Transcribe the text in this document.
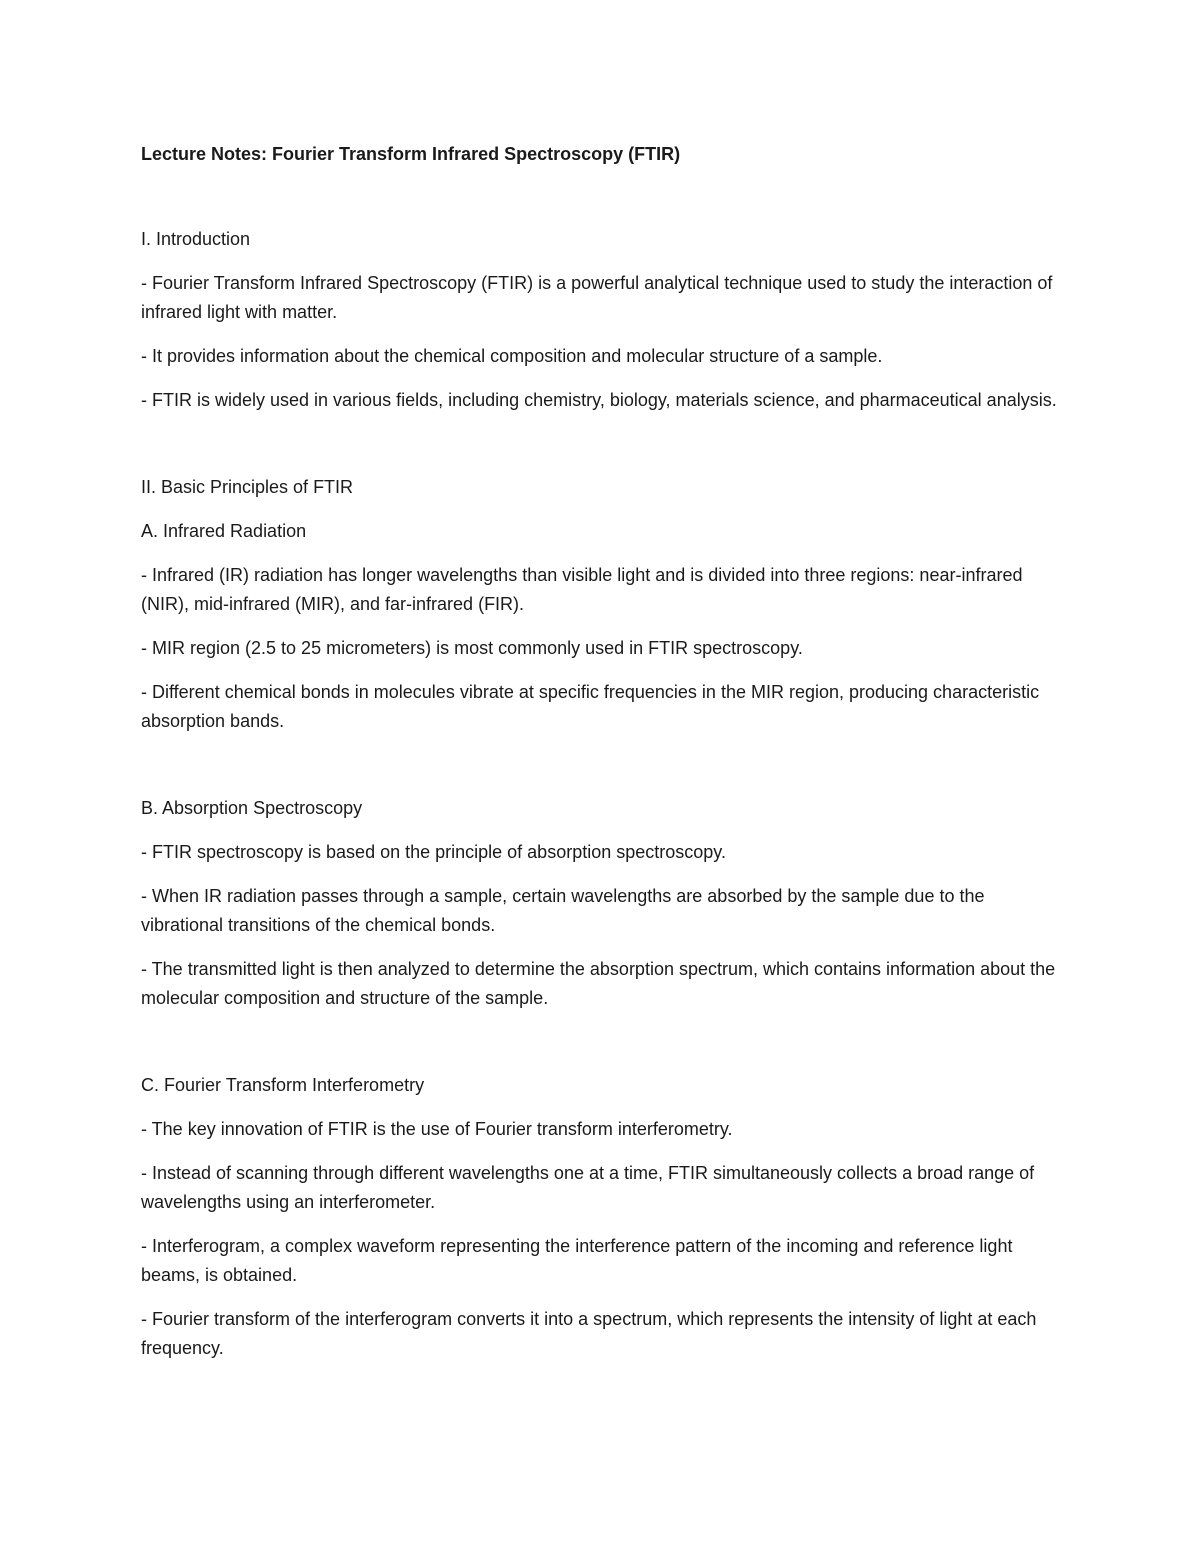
Lecture Notes: Fourier Transform Infrared Spectroscopy (FTIR)
I. Introduction
- Fourier Transform Infrared Spectroscopy (FTIR) is a powerful analytical technique used to study the interaction of infrared light with matter.
- It provides information about the chemical composition and molecular structure of a sample.
- FTIR is widely used in various fields, including chemistry, biology, materials science, and pharmaceutical analysis.
II. Basic Principles of FTIR
A. Infrared Radiation
- Infrared (IR) radiation has longer wavelengths than visible light and is divided into three regions: near-infrared (NIR), mid-infrared (MIR), and far-infrared (FIR).
- MIR region (2.5 to 25 micrometers) is most commonly used in FTIR spectroscopy.
- Different chemical bonds in molecules vibrate at specific frequencies in the MIR region, producing characteristic absorption bands.
B. Absorption Spectroscopy
- FTIR spectroscopy is based on the principle of absorption spectroscopy.
- When IR radiation passes through a sample, certain wavelengths are absorbed by the sample due to the vibrational transitions of the chemical bonds.
- The transmitted light is then analyzed to determine the absorption spectrum, which contains information about the molecular composition and structure of the sample.
C. Fourier Transform Interferometry
- The key innovation of FTIR is the use of Fourier transform interferometry.
- Instead of scanning through different wavelengths one at a time, FTIR simultaneously collects a broad range of wavelengths using an interferometer.
- Interferogram, a complex waveform representing the interference pattern of the incoming and reference light beams, is obtained.
- Fourier transform of the interferogram converts it into a spectrum, which represents the intensity of light at each frequency.
